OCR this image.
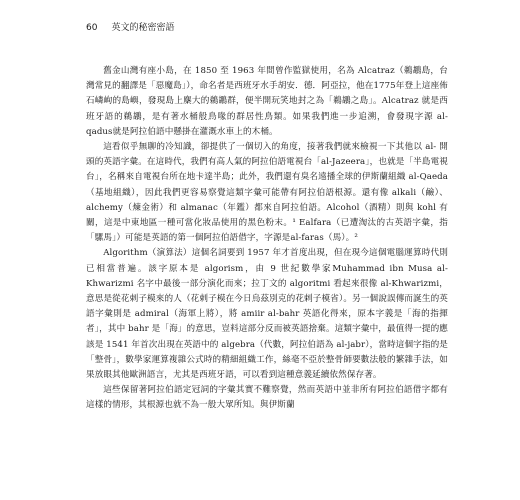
60 英文的秘密密語

舊金山灣有座小島，在 1850 至 1963 年間曾作監獄使用，名為 Alcatraz（鵜鶘島，台灣常見的翻譯是「惡魔島」），命名者是西班牙水手胡安．德．阿亞拉，他在1775年登上這座佈石嶙峋的島嶼，發現島上麇大的鵜鶘群，便半開玩笑地封之為「鵜鶘之島」。Alcatraz 就是西班牙語的鵜鶘，是有著水桶般鳥喙的群居性鳥類。如果我們進一步追溯，會發現字源 al-qadus就是阿拉伯語中懸掛在灌溉水車上的木桶。

這看似乎無聊的冷知識，卻提供了一個切入的角度，接著我們就來檢視一下其他以 al- 開頭的英語字彙。在這時代，我們有高人氣的阿拉伯語電視台「al-Jazeera」，也就是「半島電視台」，名稱來自電視台所在地卡達半島；此外，我們還有臭名遠播全球的伊斯蘭組織 al-Qaeda（基地組織），因此我們更容易察覺這類字彙可能帶有阿拉伯語根源。還有像 alkali（鹼）、alchemy（煉金術）和 almanac（年鑑）都來自阿拉伯語。Alcohol（酒精）則與 kohl 有關，這是中東地區一種可當化妝品使用的黑色粉末。¹ Ealfara（已遭淘汰的古英語字彙，指「騾馬」）可能是英語的第一個阿拉伯語借字，字源是al-faras（馬）。²

Algorithm（演算法）這個名詞要到 1957 年才首度出現，但在現今這個電腦運算時代則已相當普遍。該字原本是 algorism，由 9 世紀數學家Muhammad ibn Musa al-Khwarizmi 名字中最後一部分演化而來；拉丁文的 algoritmi 看起來很像 al-Khwarizmi，意思是從花剌子模來的人（花剌子模在今日烏茲別克的花剌子模省）。另一個說誤傳而誕生的英語字彙則是 admiral（海軍上將），將 amiir al-bahr 英語化得來，原本字義是「海的指揮者」，其中 bahr 是「海」的意思，豈料這部分反而被英語捨棄。這類字彙中，最值得一提的應該是 1541 年首次出現在英語中的 algebra（代數，阿拉伯語為 al-jabr），當時這個字指的是「整骨」，數學家運算複雜公式時的精細組織工作，絲毫不亞於整骨師要數法般的繁雜手法，如果放眼其他歐洲語言，尤其是西班牙語，可以看到這種意義延續依然保存著。

這些保留著阿拉伯語定冠詞的字彙其實不難察覺，然而英語中並非所有阿拉伯語借字都有這樣的情形，其根源也就不為一般大眾所知。與伊斯蘭
